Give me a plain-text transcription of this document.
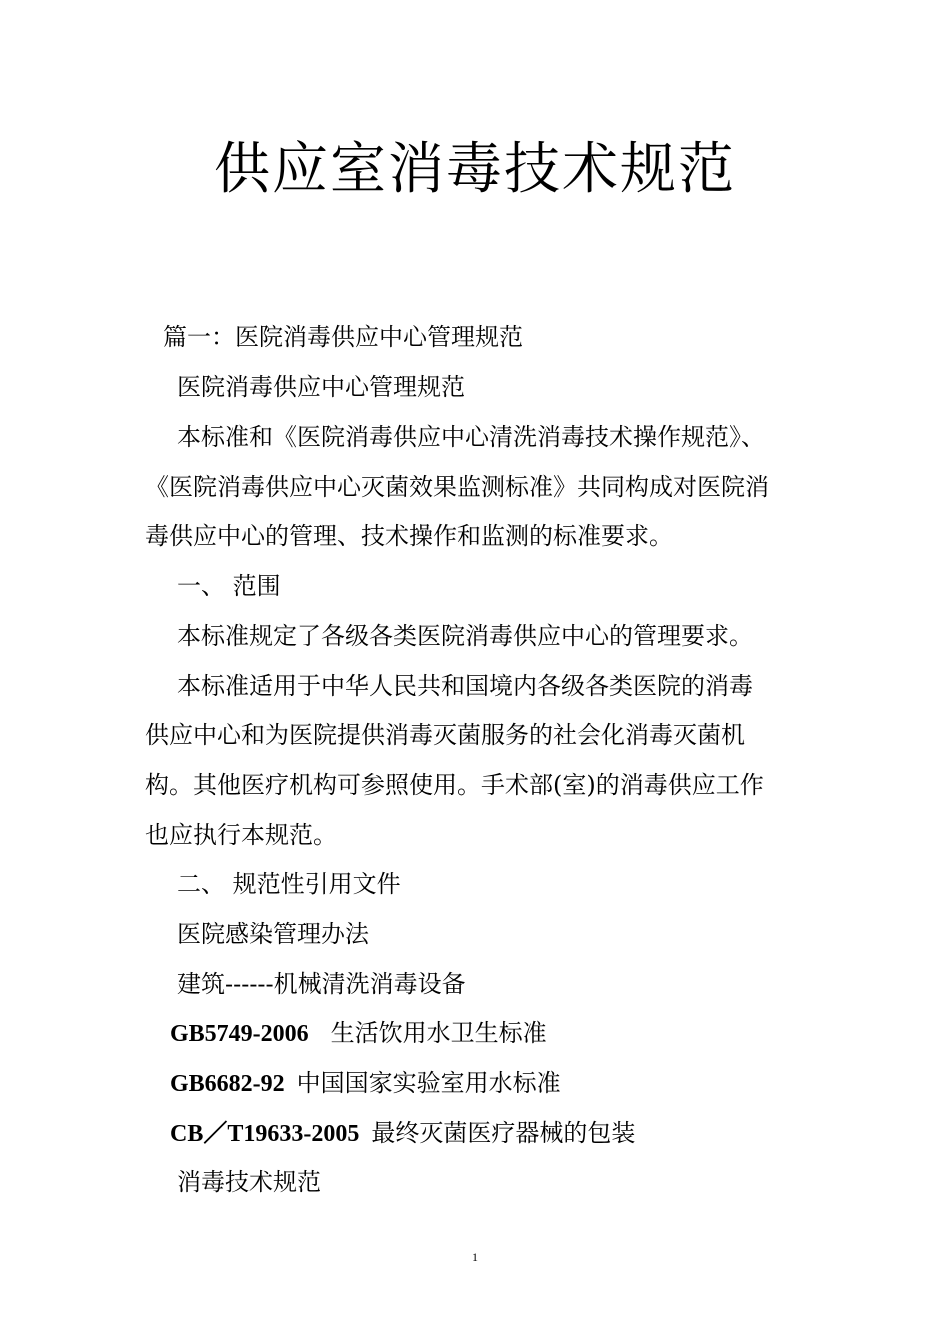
供应室消毒技术规范
篇一：医院消毒供应中心管理规范
医院消毒供应中心管理规范
本标准和《医院消毒供应中心清洗消毒技术操作规范》、
《医院消毒供应中心灭菌效果监测标准》共同构成对医院消
毒供应中心的管理、技术操作和监测的标准要求。
一、 范围
本标准规定了各级各类医院消毒供应中心的管理要求。
本标准适用于中华人民共和国境内各级各类医院的消毒
供应中心和为医院提供消毒灭菌服务的社会化消毒灭菌机
构。其他医疗机构可参照使用。手术部(室)的消毒供应工作
也应执行本规范。
二、 规范性引用文件
医院感染管理办法
建筑------机械清洗消毒设备
GB5749-2006 生活饮用水卫生标准
GB6682-92 中国国家实验室用水标准
CB／T19633-2005 最终灭菌医疗器械的包装
消毒技术规范
1
